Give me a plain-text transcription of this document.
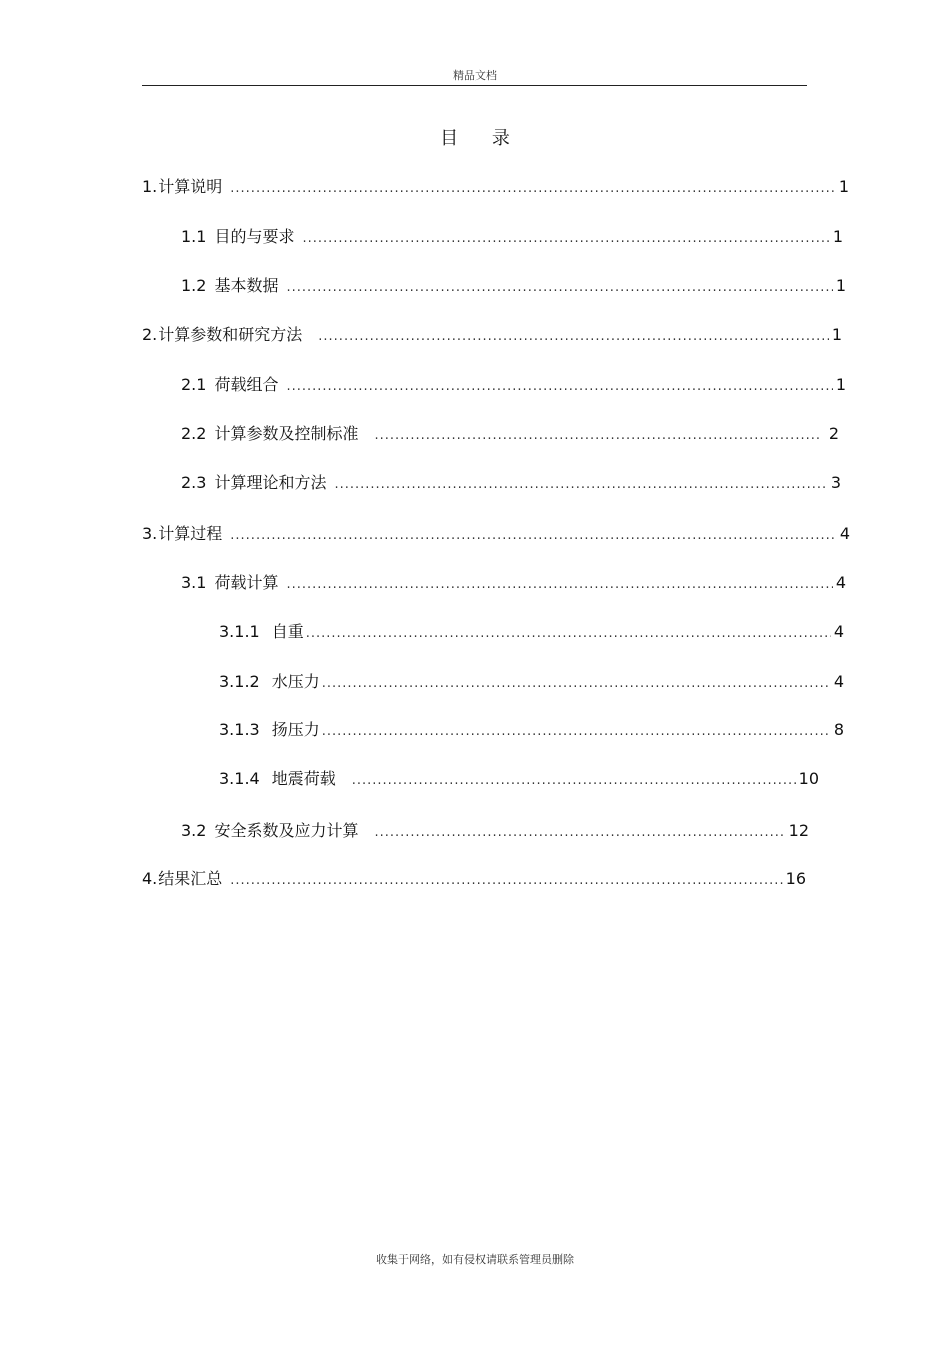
精品文档
目 录
1. 计算说明 .....	1
1.1 目的与要求 .....	1
1.2 基本数据 .....	1
2. 计算参数和研究方法 .....	1
2.1 荷载组合 .....	1
2.2 计算参数及控制标准 .....	2
2.3 计算理论和方法 .....	3
3. 计算过程 .....	4
3.1 荷载计算 .....	4
3.1.1 自重 .....	4
3.1.2 水压力 .....	4
3.1.3 扬压力 .....	8
3.1.4 地震荷载 .....	10
3.2 安全系数及应力计算 .....	12
4. 结果汇总 .....	16
收集于网络，如有侵权请联系管理员删除
